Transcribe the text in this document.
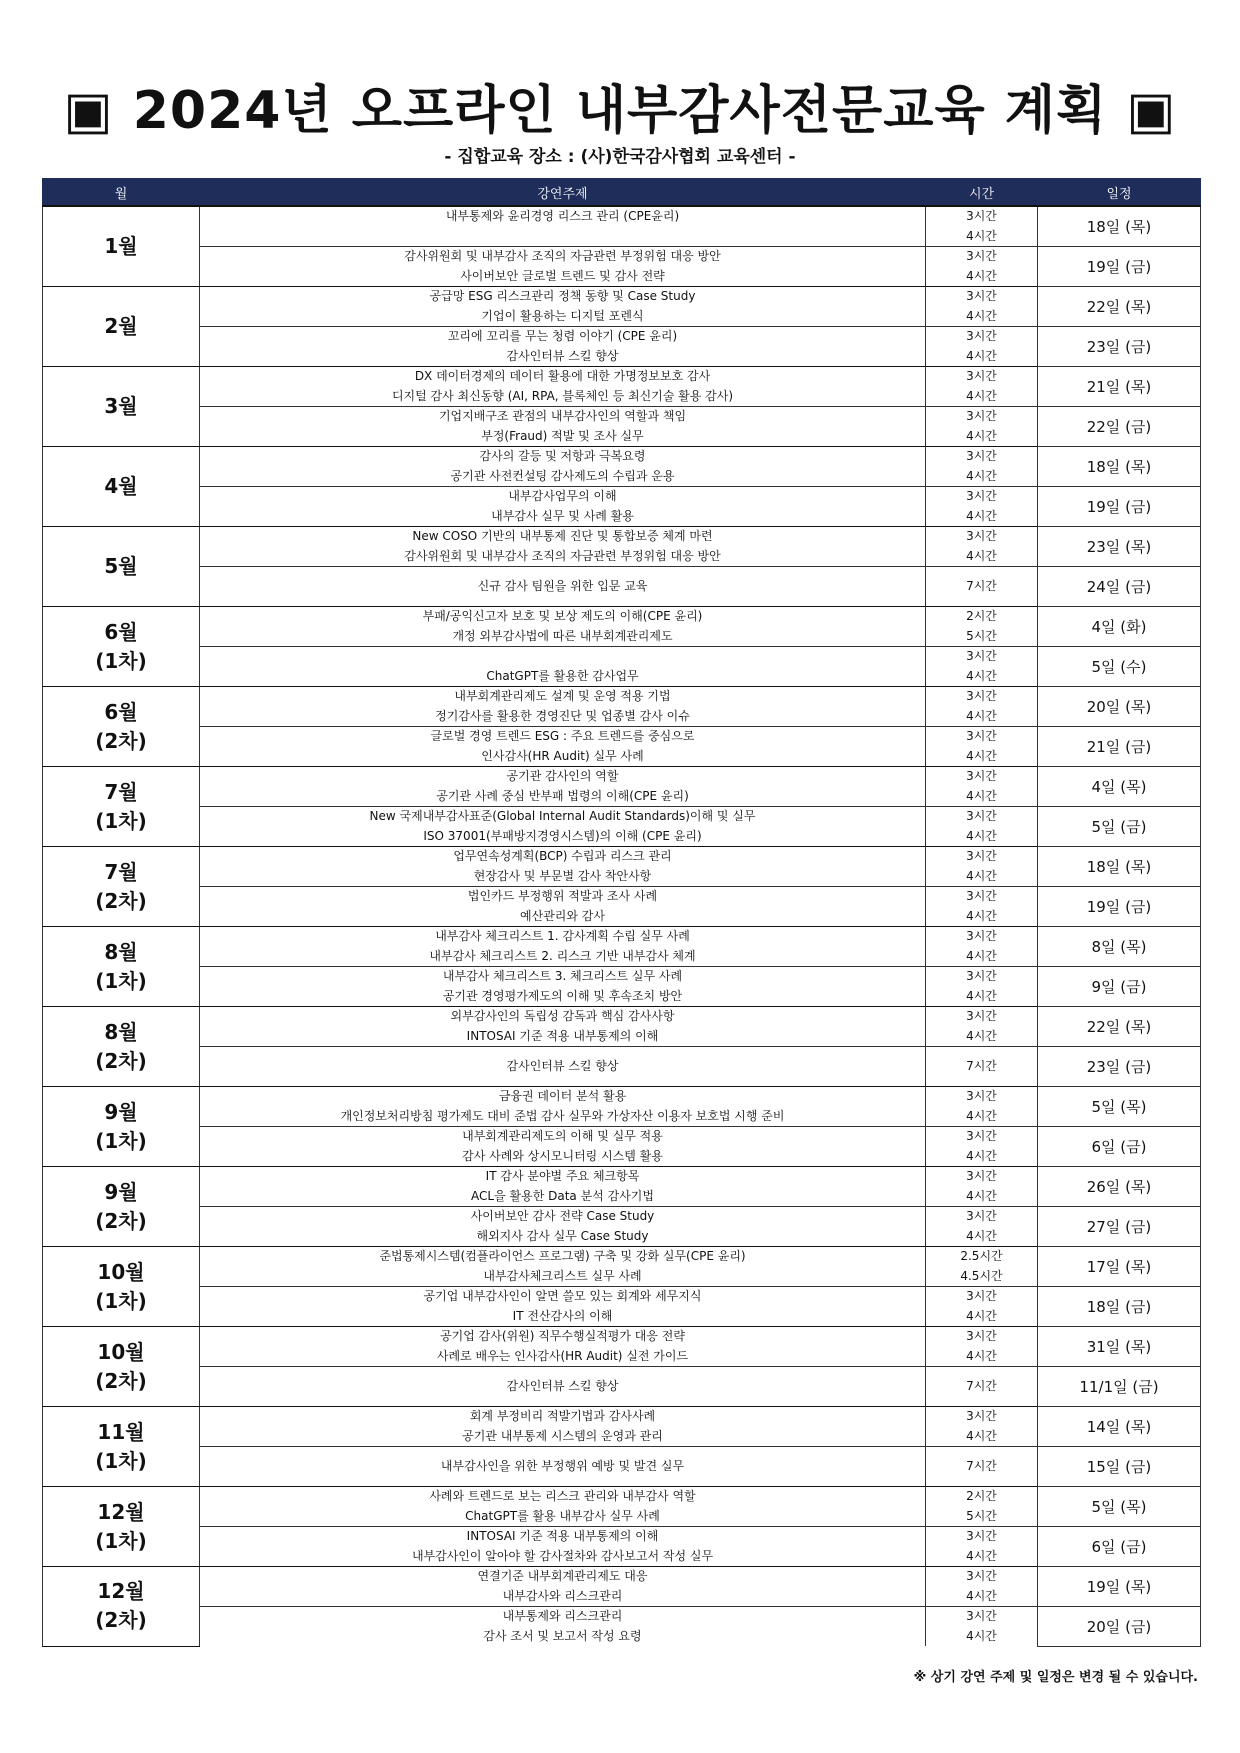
▣ 2024년 오프라인 내부감사전문교육 계획 ▣
- 집합교육 장소 : (사)한국감사협회 교육센터 -
월	강연주제	시간	일정
1월	내부통제와 윤리경영 리스크 관리 (CPE윤리)	3시간	18일 (목)
		4시간	
	감사위원회 및 내부감사 조직의 자금관련 부정위험 대응 방안	3시간	19일 (금)
	사이버보안 글로벌 트렌드 및 감사 전략	4시간	
2월	공급망 ESG 리스크관리 정책 동향 및 Case Study	3시간	22일 (목)
	기업이 활용하는 디지털 포렌식	4시간	
	꼬리에 꼬리를 무는 청렴 이야기 (CPE 윤리)	3시간	23일 (금)
	감사인터뷰 스킬 향상	4시간	
3월	DX 데이터경제의 데이터 활용에 대한 가명정보보호 감사	3시간	21일 (목)
	디지털 감사 최신동향 (AI, RPA, 블록체인 등 최신기술 활용 감사)	4시간	
	기업지배구조 관점의 내부감사인의 역할과 책임	3시간	22일 (금)
	부정(Fraud) 적발 및 조사 실무	4시간	
4월	감사의 갈등 및 저항과 극복요령	3시간	18일 (목)
	공기관 사전컨설팅 감사제도의 수립과 운용	4시간	
	내부감사업무의 이해	3시간	19일 (금)
	내부감사 실무 및 사례 활용	4시간	
5월	New COSO 기반의 내부통제 진단 및 통합보증 체계 마련	3시간	23일 (목)
	감사위원회 및 내부감사 조직의 자금관련 부정위험 대응 방안	4시간	
	신규 감사 팀원을 위한 입문 교육	7시간	24일 (금)
6월
(1차)	부패/공익신고자 보호 및 보상 제도의 이해(CPE 윤리)	2시간	4일 (화)
	개정 외부감사법에 따른 내부회계관리제도	5시간	
		3시간	5일 (수)
	ChatGPT를 활용한 감사업무	4시간	
6월
(2차)	내부회계관리제도 설계 및 운영 적용 기법	3시간	20일 (목)
	정기감사를 활용한 경영진단 및 업종별 감사 이슈	4시간	
	글로벌 경영 트렌드 ESG : 주요 트렌드를 중심으로	3시간	21일 (금)
	인사감사(HR Audit) 실무 사례	4시간	
7월
(1차)	공기관 감사인의 역할	3시간	4일 (목)
	공기관 사례 중심 반부패 법령의 이해(CPE 윤리)	4시간	
	New 국제내부감사표준(Global Internal Audit Standards)이해 및 실무	3시간	5일 (금)
	ISO 37001(부패방지경영시스템)의 이해 (CPE 윤리)	4시간	
7월
(2차)	업무연속성계획(BCP) 수립과 리스크 관리	3시간	18일 (목)
	현장감사 및 부문별 감사 착안사항	4시간	
	법인카드 부정행위 적발과 조사 사례	3시간	19일 (금)
	예산관리와 감사	4시간	
8월
(1차)	내부감사 체크리스트 1. 감사계획 수립 실무 사례	3시간	8일 (목)
	내부감사 체크리스트 2. 리스크 기반 내부감사 체계	4시간	
	내부감사 체크리스트 3. 체크리스트 실무 사례	3시간	9일 (금)
	공기관 경영평가제도의 이해 및 후속조치 방안	4시간	
8월
(2차)	외부감사인의 독립성 감독과 핵심 감사사항	3시간	22일 (목)
	INTOSAI 기준 적용 내부통제의 이해	4시간	
	감사인터뷰 스킬 향상	7시간	23일 (금)
9월
(1차)	금융권 데이터 분석 활용	3시간	5일 (목)
	개인정보처리방침 평가제도 대비 준법 감사 실무와 가상자산 이용자 보호법 시행 준비	4시간	
	내부회계관리제도의 이해 및 실무 적용	3시간	6일 (금)
	감사 사례와 상시모니터링 시스템 활용	4시간	
9월
(2차)	IT 감사 분야별 주요 체크항목	3시간	26일 (목)
	ACL을 활용한 Data 분석 감사기법	4시간	
	사이버보안 감사 전략 Case Study	3시간	27일 (금)
	해외지사 감사 실무 Case Study	4시간	
10월
(1차)	준법통제시스템(컴플라이언스 프로그램) 구축 및 강화 실무(CPE 윤리)	2.5시간	17일 (목)
	내부감사체크리스트 실무 사례	4.5시간	
	공기업 내부감사인이 알면 쓸모 있는 회계와 세무지식	3시간	18일 (금)
	IT 전산감사의 이해	4시간	
10월
(2차)	공기업 감사(위원) 직무수행실적평가 대응 전략	3시간	31일 (목)
	사례로 배우는 인사감사(HR Audit) 실전 가이드	4시간	
	감사인터뷰 스킬 향상	7시간	11/1일 (금)
11월
(1차)	회계 부정비리 적발기법과 감사사례	3시간	14일 (목)
	공기관 내부통제 시스템의 운영과 관리	4시간	
	내부감사인을 위한 부정행위 예방 및 발견 실무	7시간	15일 (금)
12월
(1차)	사례와 트렌드로 보는 리스크 관리와 내부감사 역할	2시간	5일 (목)
	ChatGPT를 활용 내부감사 실무 사례	5시간	
	INTOSAI 기준 적용 내부통제의 이해	3시간	6일 (금)
	내부감사인이 알아야 할 감사절차와 감사보고서 작성 실무	4시간	
12월
(2차)	연결기준 내부회계관리제도 대응	3시간	19일 (목)
	내부감사와 리스크관리	4시간	
	내부통제와 리스크관리	3시간	20일 (금)
	감사 조서 및 보고서 작성 요령	4시간	
※ 상기 강연 주제 및 일정은 변경 될 수 있습니다.
